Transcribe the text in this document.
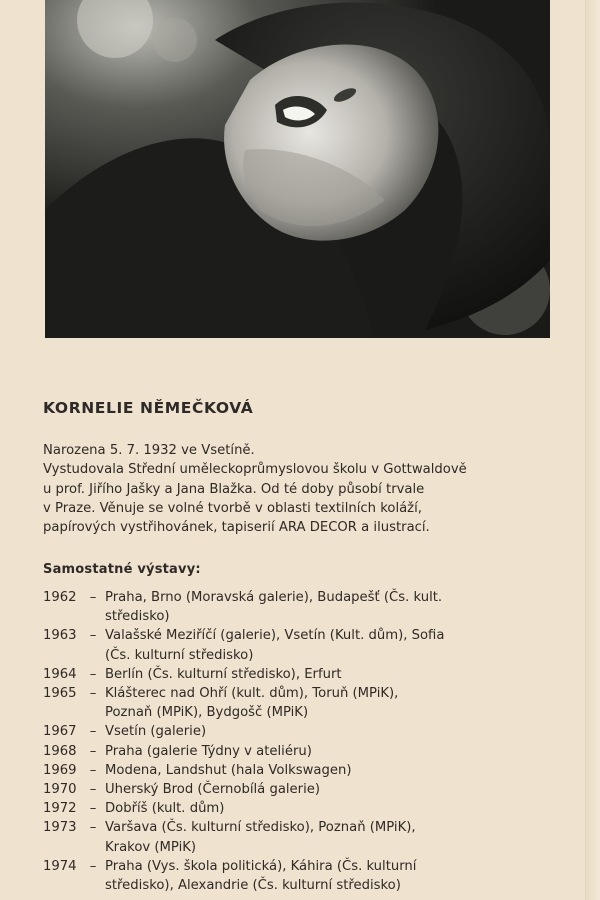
KORNELIE NĚMEČKOVÁ
Narozena 5. 7. 1932 ve Vsetíně.
Vystudovala Střední uměleckoprůmyslovou školu v Gottwaldově
u prof. Jiřího Jašky a Jana Blažka. Od té doby působí trvale
v Praze. Věnuje se volné tvorbě v oblasti textilních koláží,
papírových vystřihovánek, tapiserií ARA DECOR a ilustrací.
Samostatné výstavy:
1962 – Praha, Brno (Moravská galerie), Budapešť (Čs. kult.
středisko)
1963 – Valašské Meziříčí (galerie), Vsetín (Kult. dům), Sofia
(Čs. kulturní středisko)
1964 – Berlín (Čs. kulturní středisko), Erfurt
1965 – Klášterec nad Ohří (kult. dům), Toruň (MPiK),
Poznaň (MPiK), Bydgošč (MPiK)
1967 – Vsetín (galerie)
1968 – Praha (galerie Týdny v ateliéru)
1969 – Modena, Landshut (hala Volkswagen)
1970 – Uherský Brod (Černobílá galerie)
1972 – Dobříš (kult. dům)
1973 – Varšava (Čs. kulturní středisko), Poznaň (MPiK),
Krakov (MPiK)
1974 – Praha (Vys. škola politická), Káhira (Čs. kulturní
středisko), Alexandrie (Čs. kulturní středisko)
